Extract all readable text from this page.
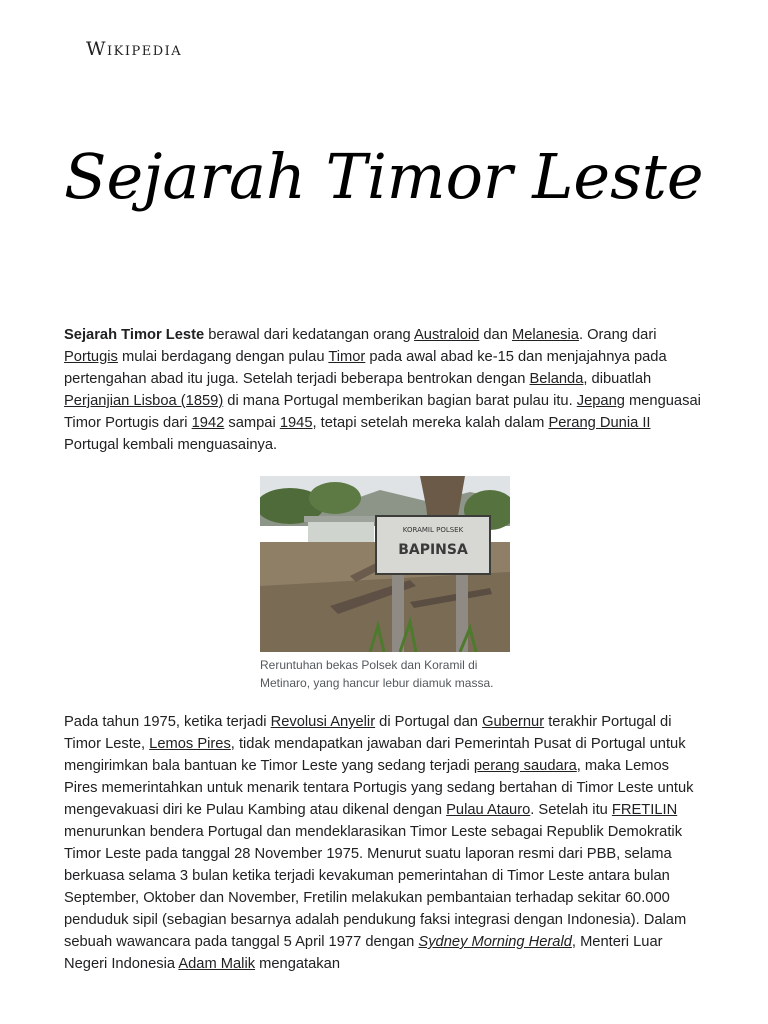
Wikipedia
Sejarah Timor Leste

Sejarah Timor Leste berawal dari kedatangan orang Australoid dan Melanesia. Orang dari Portugis mulai berdagang dengan pulau Timor pada awal abad ke-15 dan menjajahnya pada pertengahan abad itu juga. Setelah terjadi beberapa bentrokan dengan Belanda, dibuatlah Perjanjian Lisboa (1859) di mana Portugal memberikan bagian barat pulau itu. Jepang menguasai Timor Portugis dari 1942 sampai 1945, tetapi setelah mereka kalah dalam Perang Dunia II Portugal kembali menguasainya.

KORAMIL POLSEK
BAPINSA
Reruntuhan bekas Polsek dan Koramil di Metinaro, yang hancur lebur diamuk massa.

Pada tahun 1975, ketika terjadi Revolusi Anyelir di Portugal dan Gubernur terakhir Portugal di Timor Leste, Lemos Pires, tidak mendapatkan jawaban dari Pemerintah Pusat di Portugal untuk mengirimkan bala bantuan ke Timor Leste yang sedang terjadi perang saudara, maka Lemos Pires memerintahkan untuk menarik tentara Portugis yang sedang bertahan di Timor Leste untuk mengevakuasi diri ke Pulau Kambing atau dikenal dengan Pulau Atauro. Setelah itu FRETILIN menurunkan bendera Portugal dan mendeklarasikan Timor Leste sebagai Republik Demokratik Timor Leste pada tanggal 28 November 1975. Menurut suatu laporan resmi dari PBB, selama berkuasa selama 3 bulan ketika terjadi kevakuman pemerintahan di Timor Leste antara bulan September, Oktober dan November, Fretilin melakukan pembantaian terhadap sekitar 60.000 penduduk sipil (sebagian besarnya adalah pendukung faksi integrasi dengan Indonesia). Dalam sebuah wawancara pada tanggal 5 April 1977 dengan Sydney Morning Herald, Menteri Luar Negeri Indonesia Adam Malik mengatakan
